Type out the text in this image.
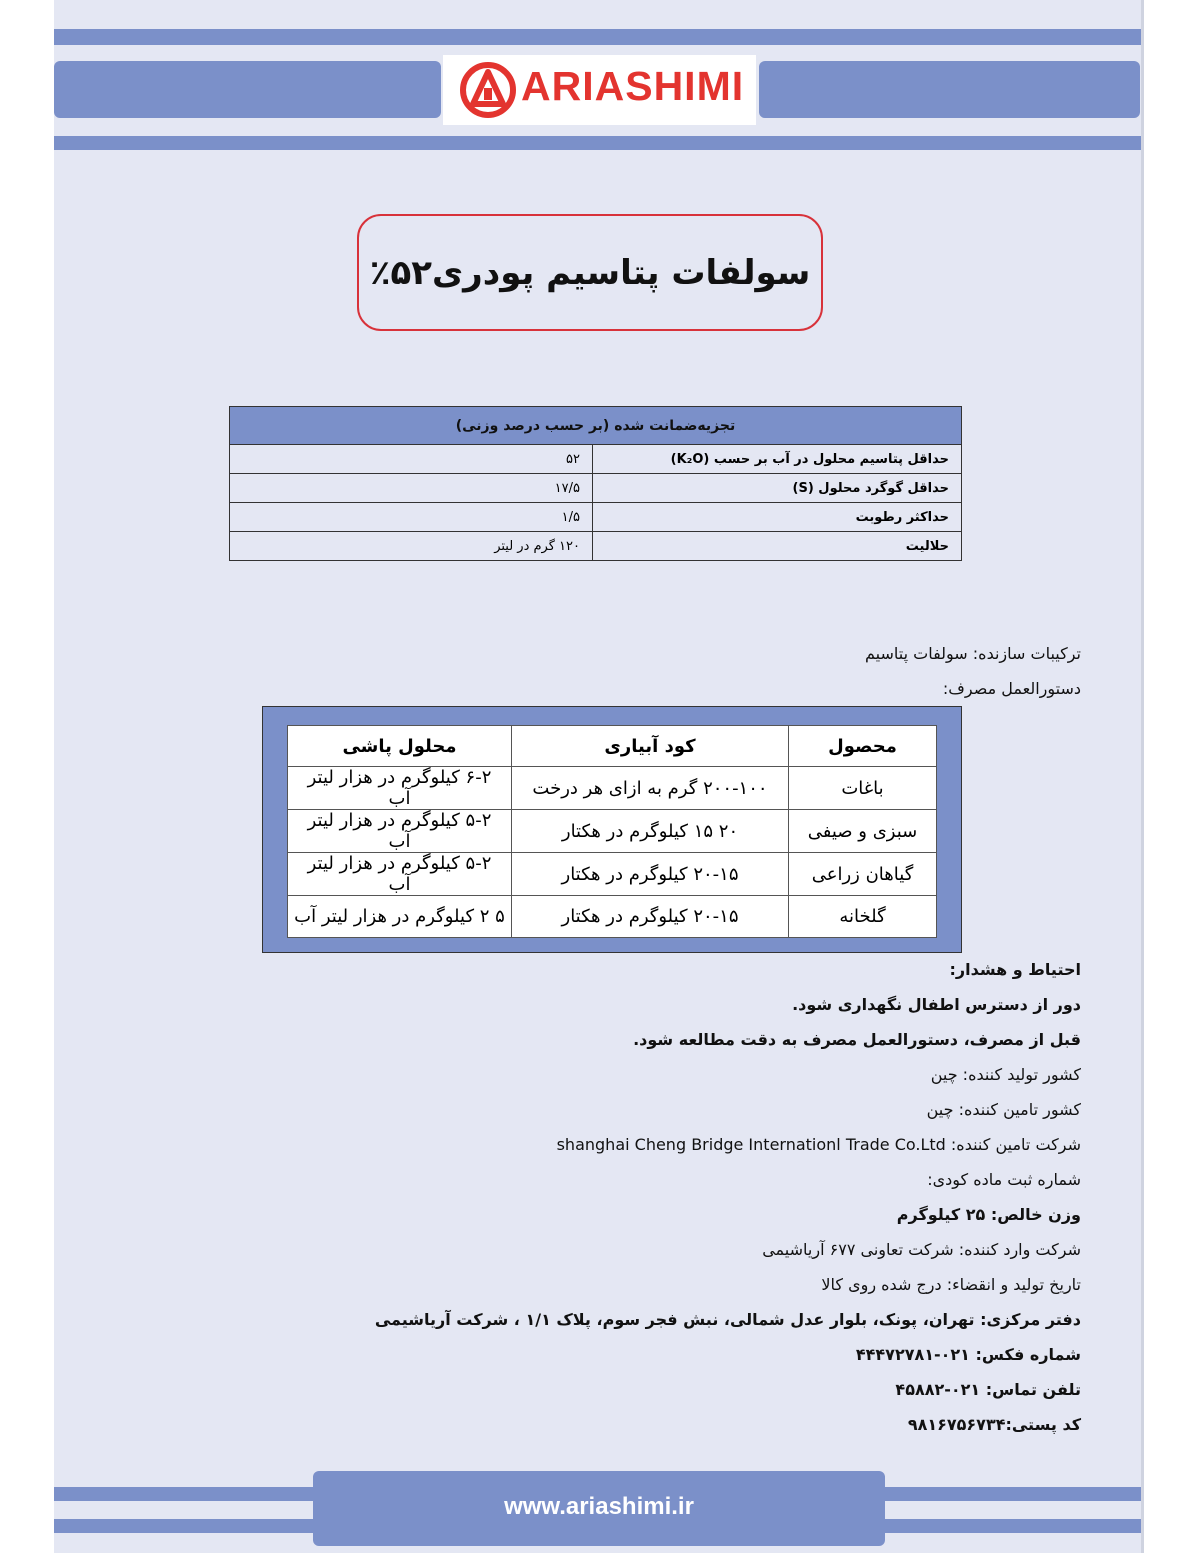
ARIASHIMI
سولفات پتاسیم پودری۵۲٪
تجزیه‌ضمانت شده (بر حسب درصد وزنی)	
حداقل پتاسیم محلول در آب بر حسب (K₂O)	۵۲
حداقل گوگرد محلول (S)	۱۷/۵
حداکثر رطوبت	۱/۵
حلالیت	۱۲۰ گرم در لیتر
ترکیبات سازنده: سولفات پتاسیم
دستورالعمل مصرف:
محصول	کود آبیاری	محلول پاشی
باغات	۲۰۰-۱۰۰ گرم به ازای هر درخت	۶-۲ کیلوگرم در هزار لیتر آب
سبزی و صیفی	۲۰ ۱۵ کیلوگرم در هکتار	۵-۲ کیلوگرم در هزار لیتر آب
گیاهان زراعی	۲۰-۱۵ کیلوگرم در هکتار	۵-۲ کیلوگرم در هزار لیتر آب
گلخانه	۲۰-۱۵ کیلوگرم در هکتار	۵ ۲ کیلوگرم در هزار لیتر آب
احتیاط و هشدار:
دور از دسترس اطفال نگهداری شود.
قبل از مصرف، دستورالعمل مصرف به دقت مطالعه شود.
کشور تولید کننده: چین
کشور تامین کننده: چین
شرکت تامین کننده: shanghai Cheng Bridge Internationl Trade Co.Ltd
شماره ثبت ماده کودی:
وزن خالص: ۲۵ کیلوگرم
شرکت وارد کننده: شرکت تعاونی ۶۷۷ آریاشیمی
تاریخ تولید و انقضاء: درج شده روی کالا
دفتر مرکزی: تهران، پونک، بلوار عدل شمالی، نبش فجر سوم، پلاک ۱/۱ ، شرکت آریاشیمی
شماره فکس: ۰۲۱-۴۴۴۷۲۷۸۱
تلفن تماس: ۰۲۱-۴۵۸۸۲
کد پستی:۹۸۱۶۷۵۶۷۳۴
www.ariashimi.ir
